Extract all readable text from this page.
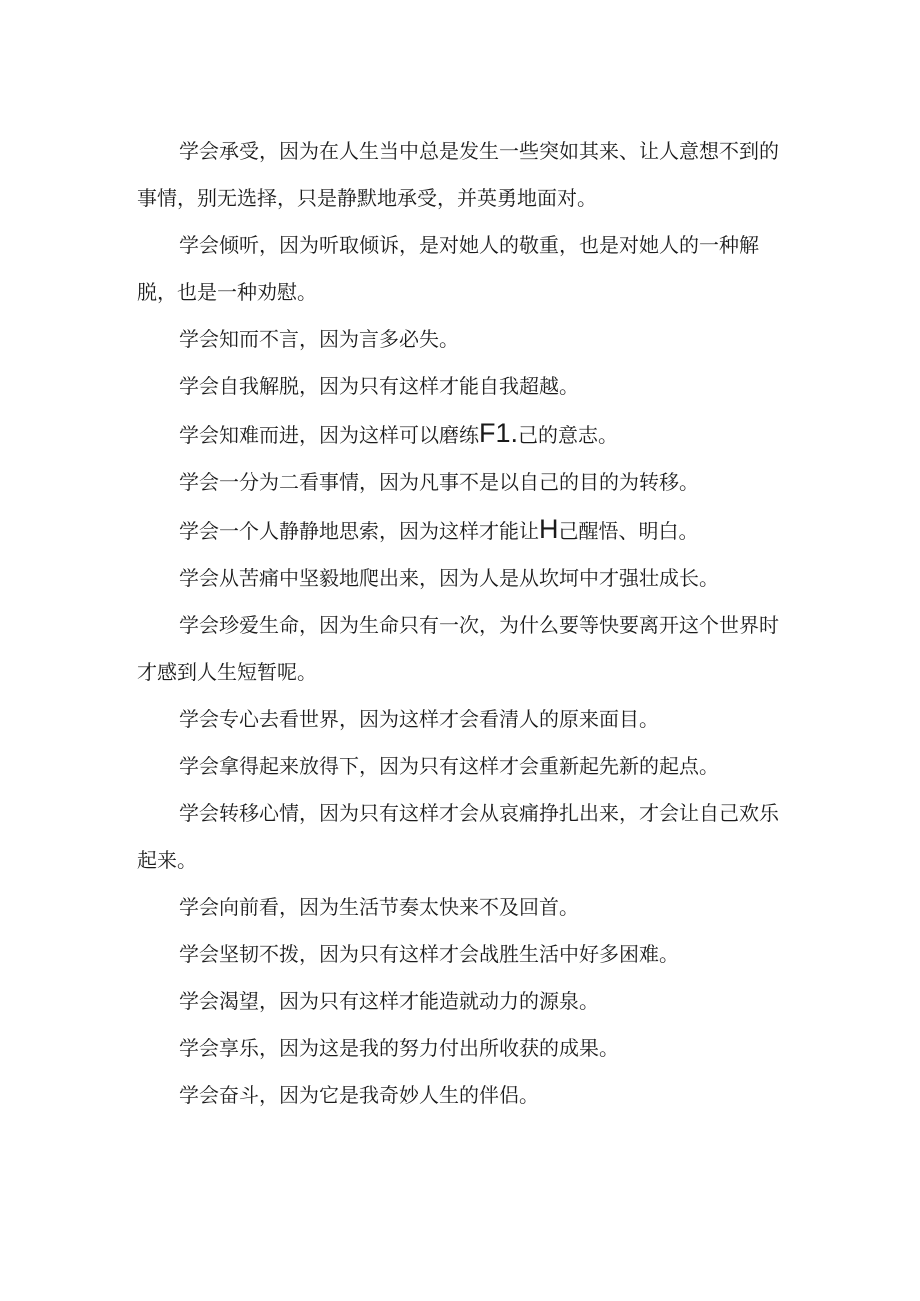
学会承受，因为在人生当中总是发生一些突如其来、让人意想不到的事情，别无选择，只是静默地承受，并英勇地面对。

学会倾听，因为听取倾诉，是对她人的敬重，也是对她人的一种解脱，也是一种劝慰。

学会知而不言，因为言多必失。

学会自我解脱，因为只有这样才能自我超越。

学会知难而进，因为这样可以磨练F1.己的意志。

学会一分为二看事情，因为凡事不是以自己的目的为转移。

学会一个人静静地思索，因为这样才能让H己醒悟、明白。

学会从苦痛中坚毅地爬出来，因为人是从坎坷中才强壮成长。

学会珍爱生命，因为生命只有一次，为什么要等快要离开这个世界时才感到人生短暂呢。

学会专心去看世界，因为这样才会看清人的原来面目。

学会拿得起来放得下，因为只有这样才会重新起先新的起点。

学会转移心情，因为只有这样才会从哀痛挣扎出来，才会让自己欢乐起来。

学会向前看，因为生活节奏太快来不及回首。

学会坚韧不拨，因为只有这样才会战胜生活中好多困难。

学会渴望，因为只有这样才能造就动力的源泉。

学会享乐，因为这是我的努力付出所收获的成果。

学会奋斗，因为它是我奇妙人生的伴侣。
